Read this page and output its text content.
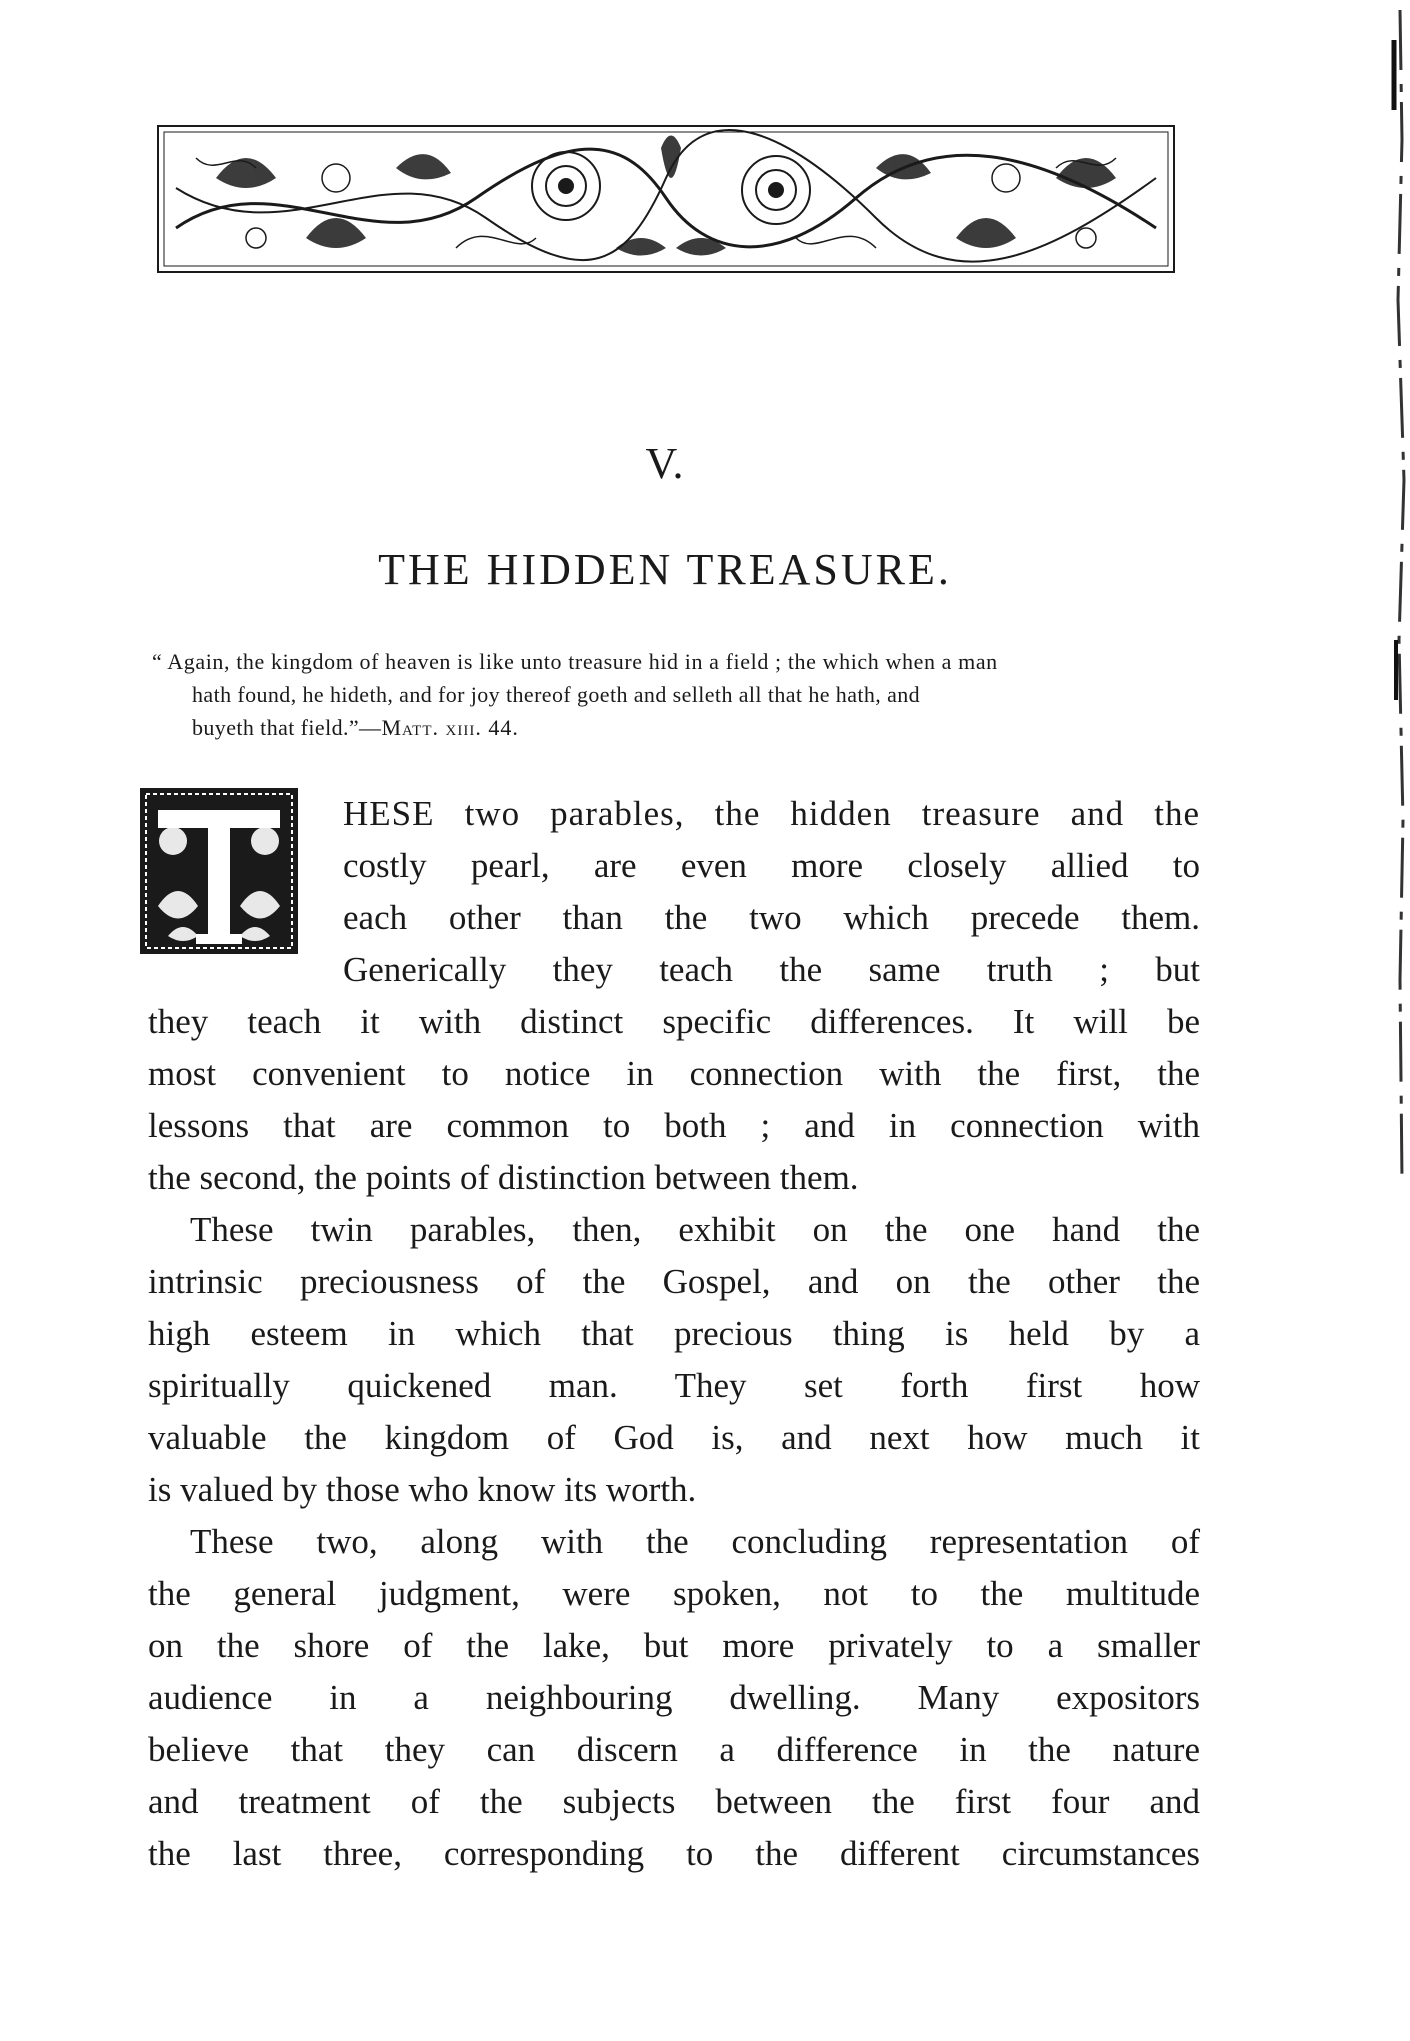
V.
THE HIDDEN TREASURE.
“ Again, the kingdom of heaven is like unto treasure hid in a field ; the which when a man
hath found, he hideth, and for joy thereof goeth and selleth all that he hath, and
buyeth that field.”—Matt. xiii. 44.
HESE two parables, the hidden treasure and the
costly pearl, are even more closely allied to
each other than the two which precede them.
Generically they teach the same truth ; but
they teach it with distinct specific differences. It will be
most convenient to notice in connection with the first, the
lessons that are common to both ; and in connection with
the second, the points of distinction between them.
These twin parables, then, exhibit on the one hand the
intrinsic preciousness of the Gospel, and on the other the
high esteem in which that precious thing is held by a
spiritually quickened man. They set forth first how
valuable the kingdom of God is, and next how much it
is valued by those who know its worth.
These two, along with the concluding representation of
the general judgment, were spoken, not to the multitude
on the shore of the lake, but more privately to a smaller
audience in a neighbouring dwelling. Many expositors
believe that they can discern a difference in the nature
and treatment of the subjects between the first four and
the last three, corresponding to the different circumstances
